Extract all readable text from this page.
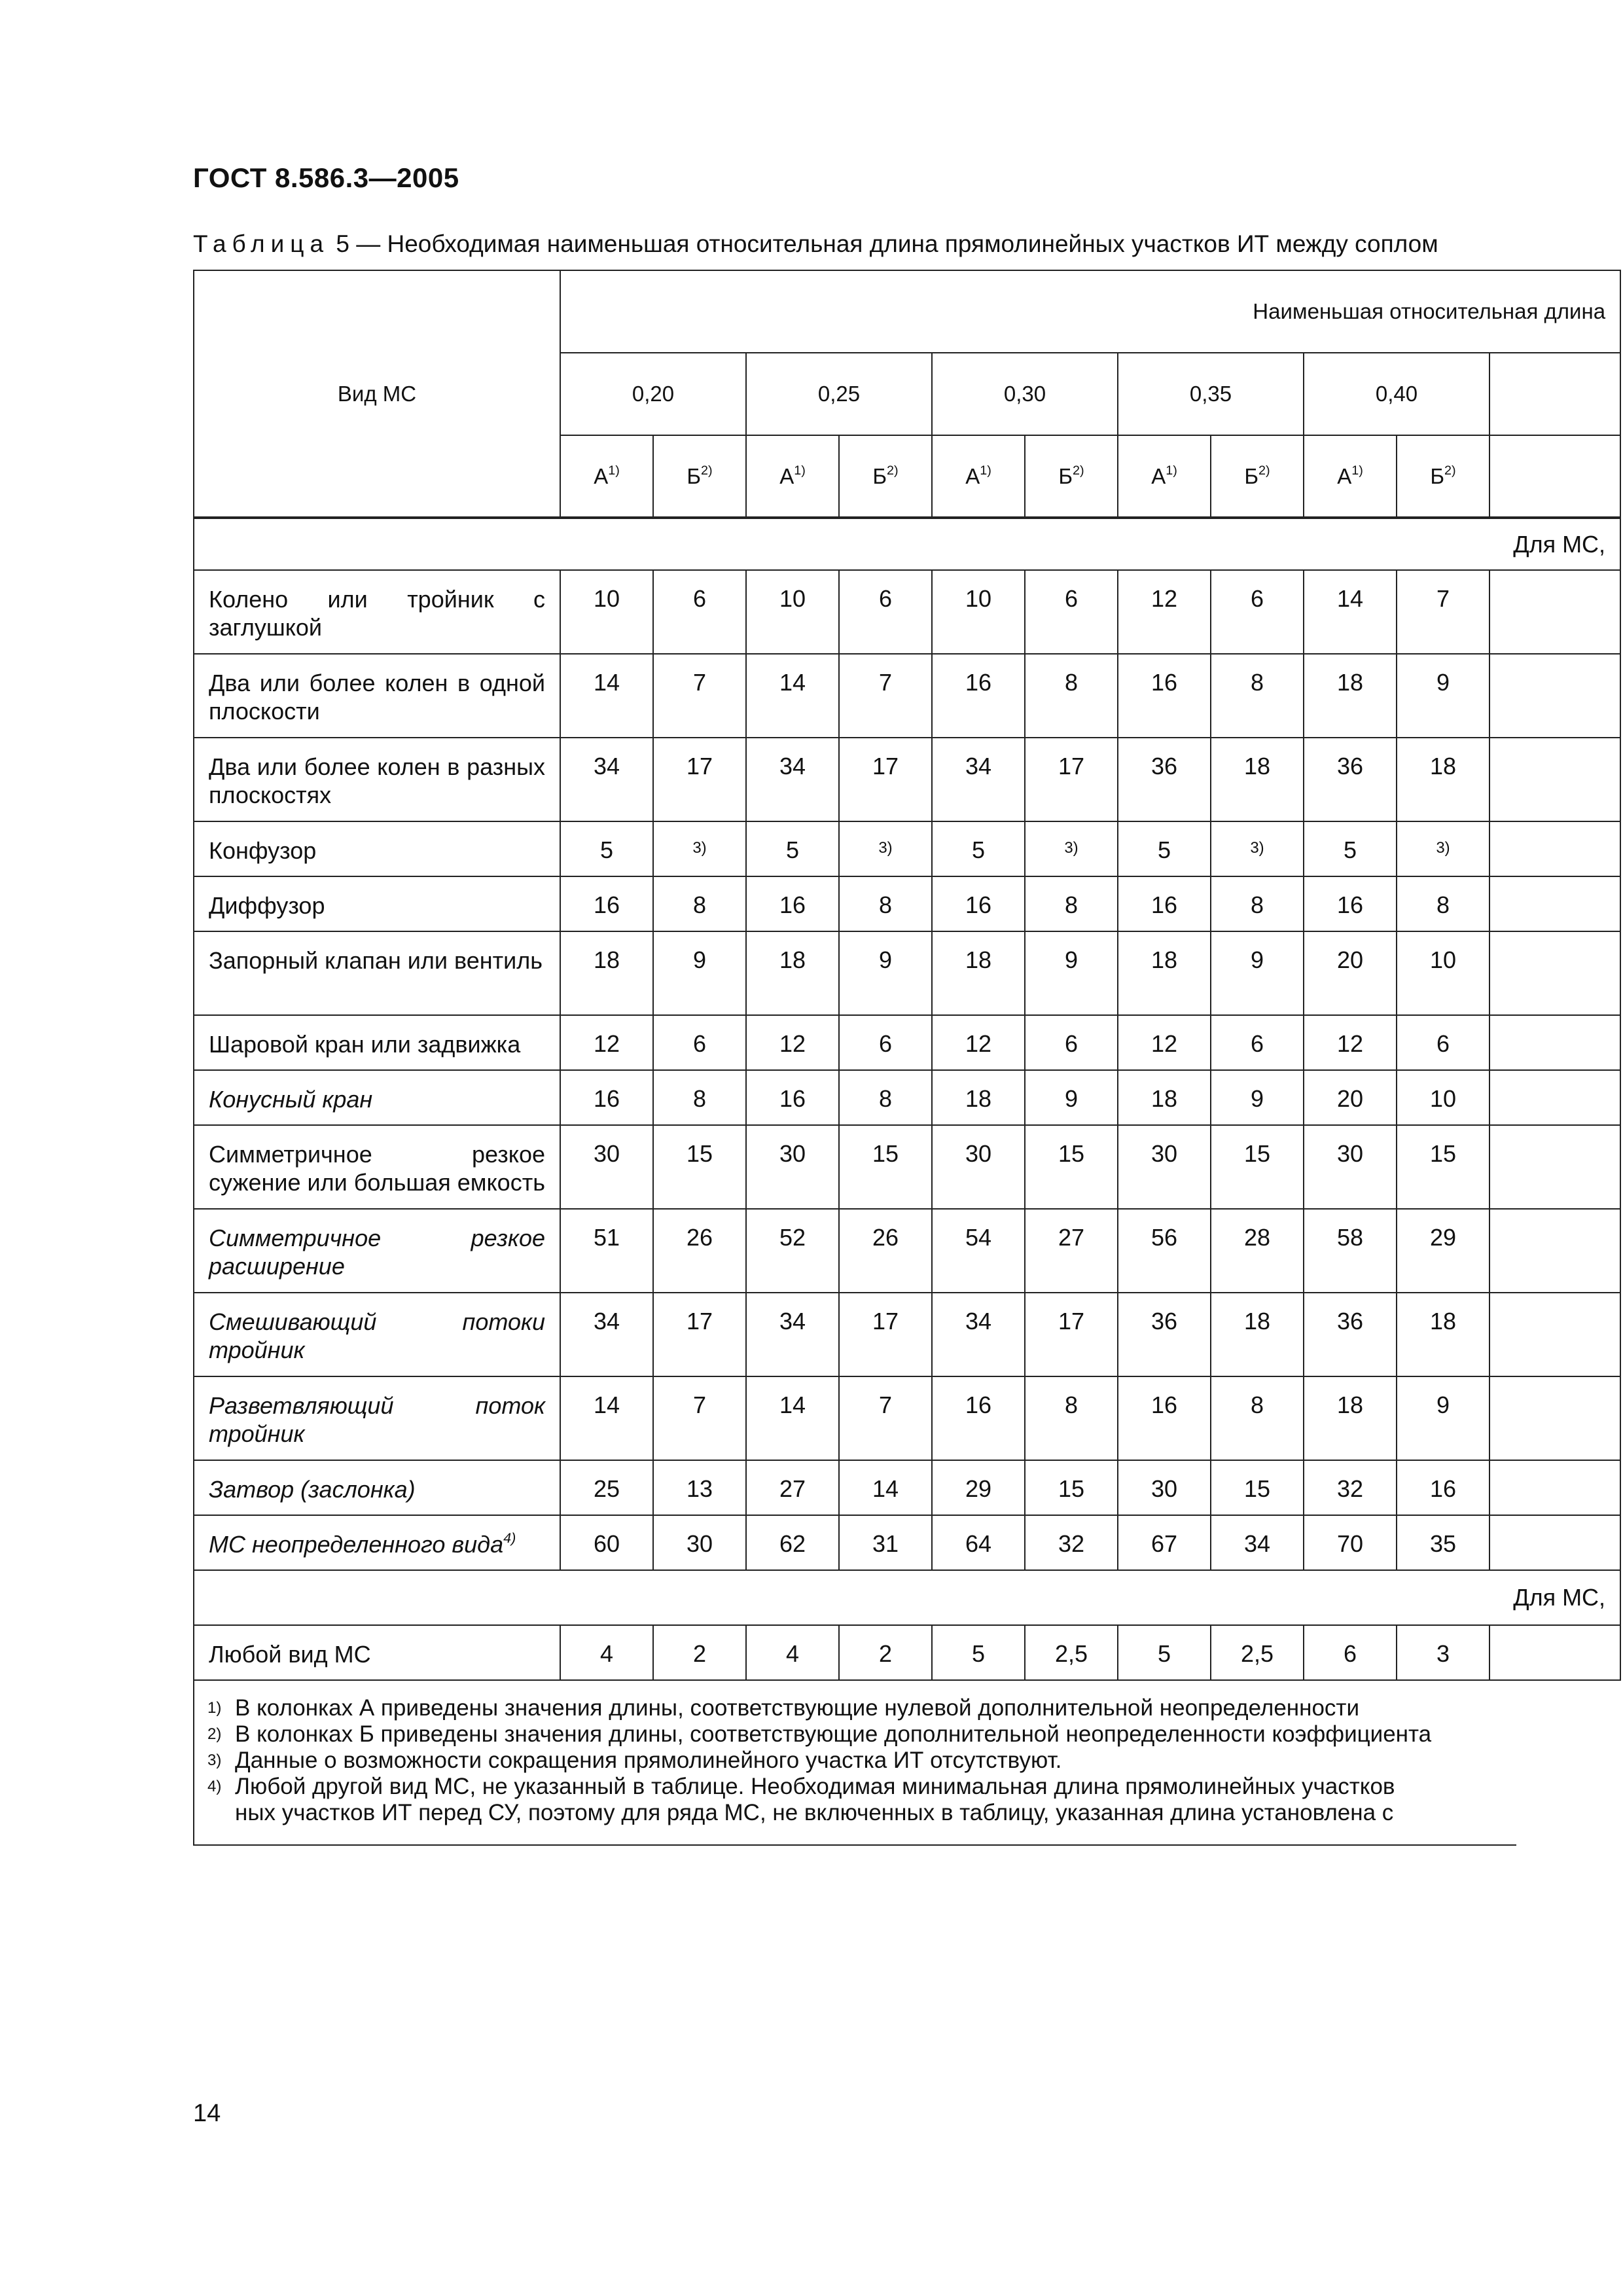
ГОСТ 8.586.3—2005
Таблица 5 — Необходимая наименьшая относительная длина прямолинейных участков ИТ между соплом
Вид МС	Наименьшая относительная длина										
	0,20		0,25		0,30		0,35		0,40		
	$А^{1)}$	$Б^{2)}$	$А^{1)}$	$Б^{2)}$	$А^{1)}$	$Б^{2)}$	$А^{1)}$	$Б^{2)}$	$А^{1)}$	$Б^{2)}$	
Для МС,											
Колено или тройник с заглушкой	10	6	10	6	10	6	12	6	14	7	
Два или более колен в одной плоскости	14	7	14	7	16	8	16	8	18	9	
Два или более колен в разных плоскостях	34	17	34	17	34	17	36	18	36	18	
Конфузор	5	3)	5	3)	5	3)	5	3)	5	3)	
Диффузор	16	8	16	8	16	8	16	8	16	8	
Запорный клапан или вентиль	18	9	18	9	18	9	18	9	20	10	
Шаровой кран или задвижка	12	6	12	6	12	6	12	6	12	6	
Конусный кран	16	8	16	8	18	9	18	9	20	10	
Симметричное резкое сужение или большая емкость	30	15	30	15	30	15	30	15	30	15	
Симметричное резкое расширение	51	26	52	26	54	27	56	28	58	29	
Смешивающий потоки тройник	34	17	34	17	34	17	36	18	36	18	
Разветвляющий поток тройник	14	7	14	7	16	8	16	8	18	9	
Затвор (заслонка)	25	13	27	14	29	15	30	15	32	16	
МС неопределенного вида$^{4)}$	60	30	62	31	64	32	67	34	70	35	
Для МС,											
Любой вид МС	4	2	4	2	5	2,5	5	2,5	6	3	
1) В колонках А приведены значения длины, соответствующие нулевой дополнительной неопределенности
2) В колонках Б приведены значения длины, соответствующие дополнительной неопределенности коэффициента
3) Данные о возможности сокращения прямолинейного участка ИТ отсутствуют.
4) Любой другой вид МС, не указанный в таблице. Необходимая минимальная длина прямолинейных участков
ных участков ИТ перед СУ, поэтому для ряда МС, не включенных в таблицу, указанная длина установлена с
14
